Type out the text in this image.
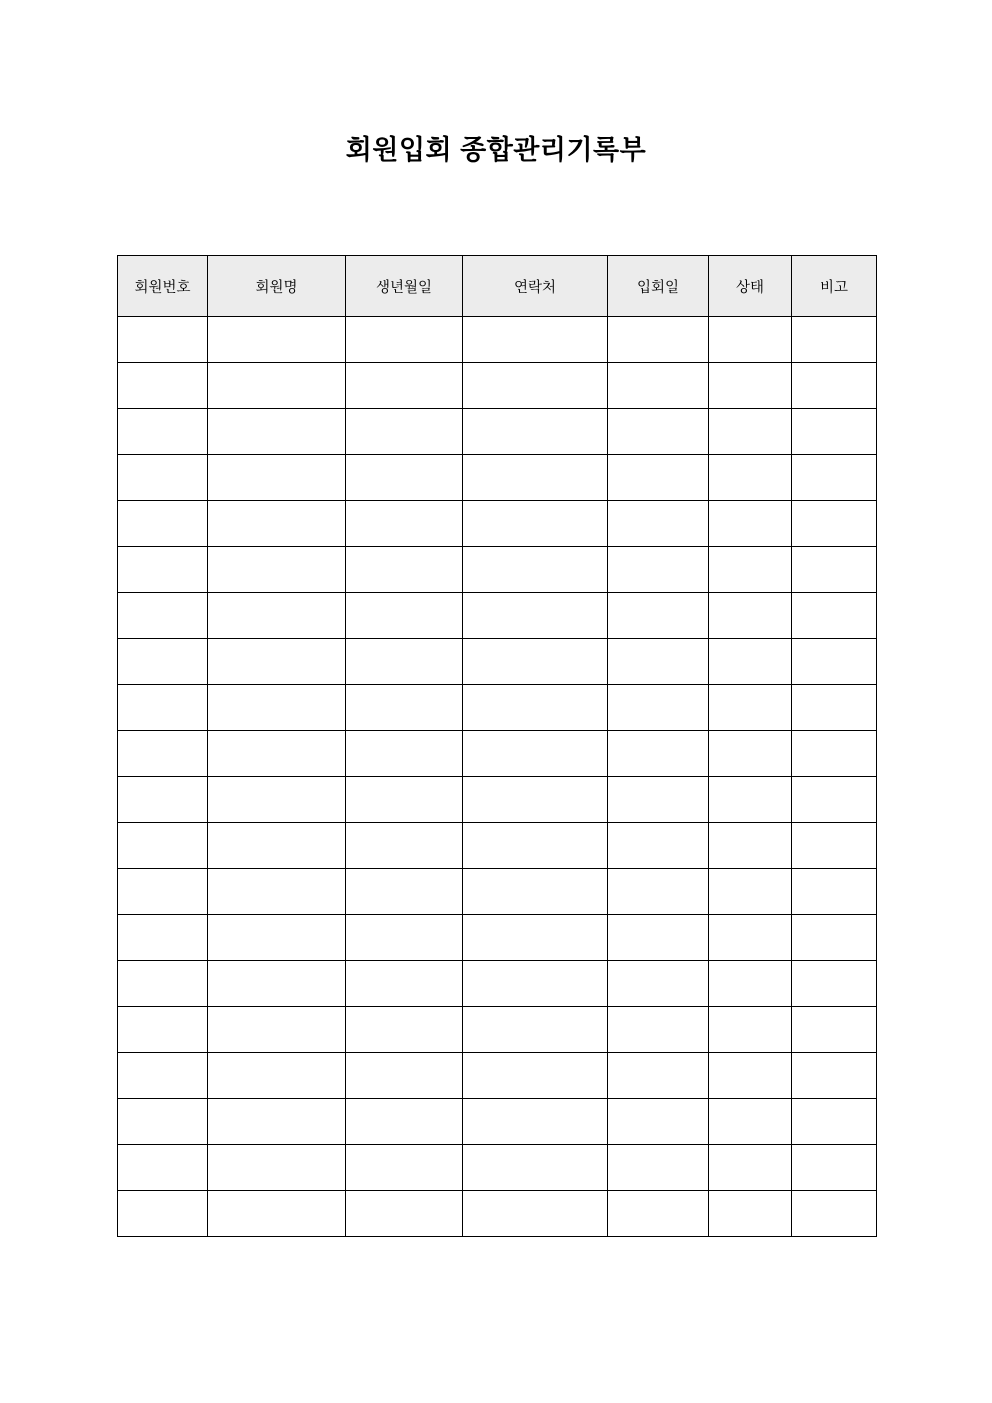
회원입회 종합관리기록부
회원번호	회원명	생년월일	연락처	입회일	상태	비고
